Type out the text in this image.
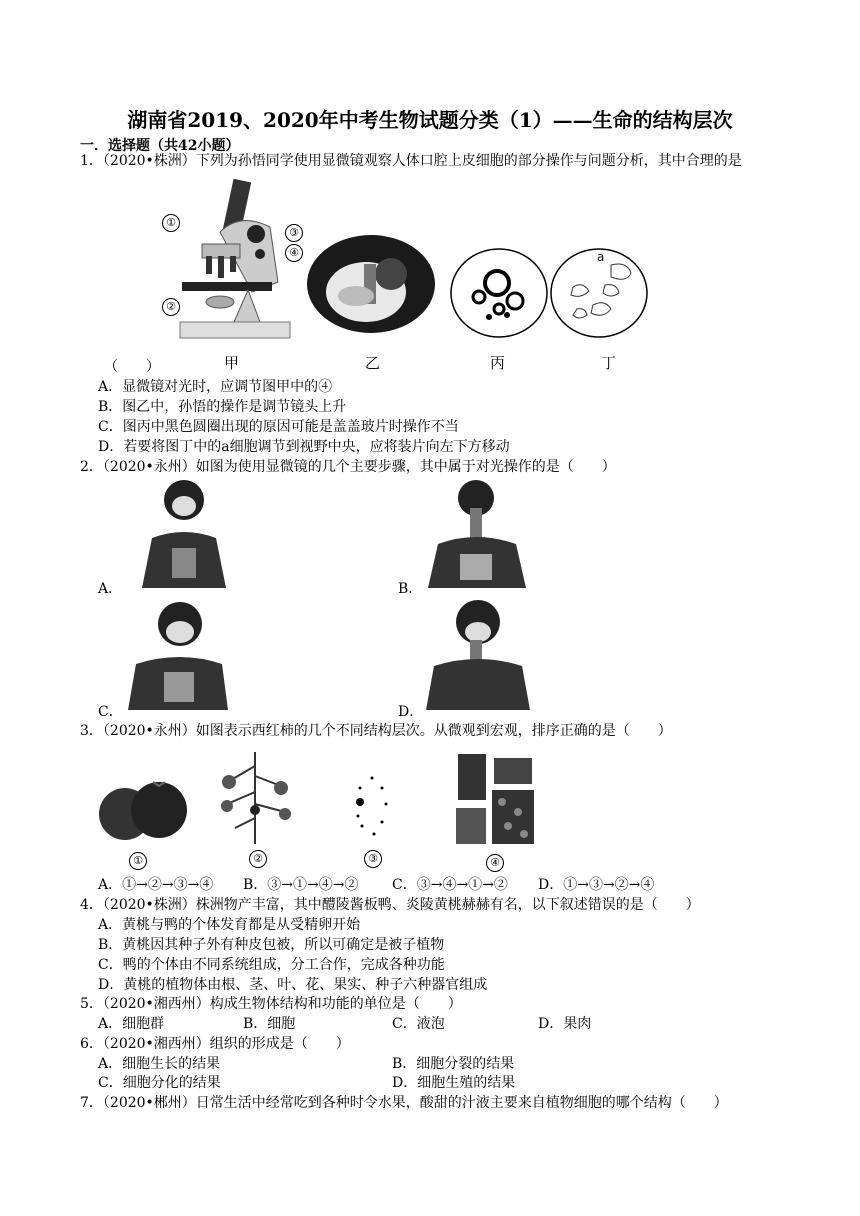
湖南省2019、2020年中考生物试题分类（1）——生命的结构层次
一．选择题（共42小题）
1．（2020•株洲）下列为孙悟同学使用显微镜观察人体口腔上皮细胞的部分操作与问题分析，其中合理的是
①
②
③
④	a
甲	乙	丙	丁
（　　）
A．显微镜对光时，应调节图甲中的④
B．图乙中，孙悟的操作是调节镜头上升
C．图丙中黑色圆圈出现的原因可能是盖盖玻片时操作不当
D．若要将图丁中的a细胞调节到视野中央，应将装片向左下方移动
2．（2020•永州）如图为使用显微镜的几个主要步骤，其中属于对光操作的是（　　）
A．	B．
C．	D．
3．（2020•永州）如图表示西红柿的几个不同结构层次。从微观到宏观，排序正确的是（　　）
①	②	③	④
A．①→②→③→④ B．③→①→④→② C．③→④→①→② D．①→③→②→④
4．（2020•株洲）株洲物产丰富，其中醴陵酱板鸭、炎陵黄桃赫赫有名，以下叙述错误的是（　　）
A．黄桃与鸭的个体发育都是从受精卵开始
B．黄桃因其种子外有种皮包被，所以可确定是被子植物
C．鸭的个体由不同系统组成，分工合作，完成各种功能
D．黄桃的植物体由根、茎、叶、花、果实、种子六种器官组成
5．（2020•湘西州）构成生物体结构和功能的单位是（　　）
A．细胞群	B．细胞	C．液泡	D．果肉
6．（2020•湘西州）组织的形成是（　　）
A．细胞生长的结果	B．细胞分裂的结果
C．细胞分化的结果	D．细胞生殖的结果
7．（2020•郴州）日常生活中经常吃到各种时令水果，酸甜的汁液主要来自植物细胞的哪个结构（　　）
